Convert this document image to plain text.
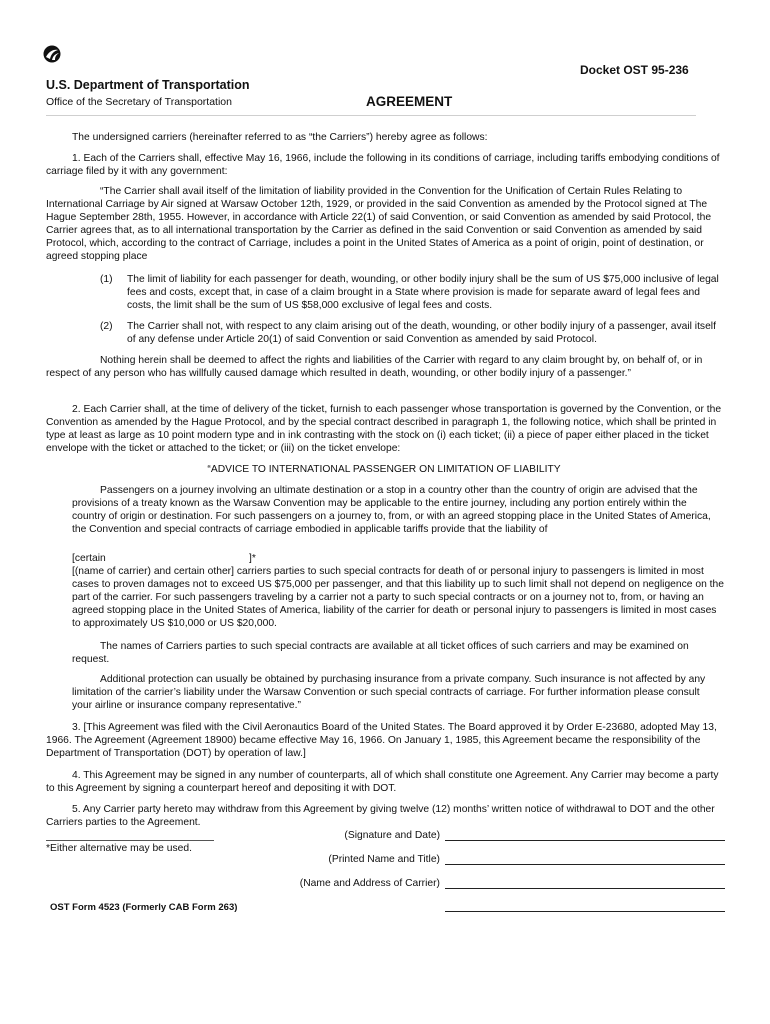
Docket OST 95-236
U.S. Department of Transportation
Office of the Secretary of Transportation	AGREEMENT

The undersigned carriers (hereinafter referred to as “the Carriers”) hereby agree as follows:

1. Each of the Carriers shall, effective May 16, 1966, include the following in its conditions of carriage, including tariffs embodying conditions of carriage filed by it with any government:

“The Carrier shall avail itself of the limitation of liability provided in the Convention for the Unification of Certain Rules Relating to International Carriage by Air signed at Warsaw October 12th, 1929, or provided in the said Convention as amended by the Protocol signed at The Hague September 28th, 1955. However, in accordance with Article 22(1) of said Convention, or said Convention as amended by said Protocol, the Carrier agrees that, as to all international transportation by the Carrier as defined in the said Convention or said Convention as amended by said Protocol, which, according to the contract of Carriage, includes a point in the United States of America as a point of origin, point of destination, or agreed stopping place

(1) The limit of liability for each passenger for death, wounding, or other bodily injury shall be the sum of US $75,000 inclusive of legal fees and costs, except that, in case of a claim brought in a State where provision is made for separate award of legal fees and costs, the limit shall be the sum of US $58,000 exclusive of legal fees and costs.

(2) The Carrier shall not, with respect to any claim arising out of the death, wounding, or other bodily injury of a passenger, avail itself of any defense under Article 20(1) of said Convention or said Convention as amended by said Protocol.

Nothing herein shall be deemed to affect the rights and liabilities of the Carrier with regard to any claim brought by, on behalf of, or in respect of any person who has willfully caused damage which resulted in death, wounding, or other bodily injury of a passenger.”

2. Each Carrier shall, at the time of delivery of the ticket, furnish to each passenger whose transportation is governed by the Convention, or the Convention as amended by the Hague Protocol, and by the special contract described in paragraph 1, the following notice, which shall be printed in type at least as large as 10 point modern type and in ink contrasting with the stock on (i) each ticket; (ii) a piece of paper either placed in the ticket envelope with the ticket or attached to the ticket; or (iii) on the ticket envelope:

“ADVICE TO INTERNATIONAL PASSENGER ON LIMITATION OF LIABILITY

Passengers on a journey involving an ultimate destination or a stop in a country other than the country of origin are advised that the provisions of a treaty known as the Warsaw Convention may be applicable to the entire journey, including any portion entirely within the country of origin or destination. For such passengers on a journey to, from, or with an agreed stopping place in the United States of America, the Convention and special contracts of carriage embodied in applicable tariffs provide that the liability of

[certain	]*

[(name of carrier) and certain other] carriers parties to such special contracts for death of or personal injury to passengers is limited in most cases to proven damages not to exceed US $75,000 per passenger, and that this liability up to such limit shall not depend on negligence on the part of the carrier. For such passengers traveling by a carrier not a party to such special contracts or on a journey not to, from, or having an agreed stopping place in the United States of America, liability of the carrier for death or personal injury to passengers is limited in most cases to approximately US $10,000 or US $20,000.

The names of Carriers parties to such special contracts are available at all ticket offices of such carriers and may be examined on request.

Additional protection can usually be obtained by purchasing insurance from a private company. Such insurance is not affected by any limitation of the carrier’s liability under the Warsaw Convention or such special contracts of carriage. For further information please consult your airline or insurance company representative.”

3. [This Agreement was filed with the Civil Aeronautics Board of the United States. The Board approved it by Order E-23680, adopted May 13, 1966. The Agreement (Agreement 18900) became effective May 16, 1966. On January 1, 1985, this Agreement became the responsibility of the Department of Transportation (DOT) by operation of law.]

4. This Agreement may be signed in any number of counterparts, all of which shall constitute one Agreement. Any Carrier may become a party to this Agreement by signing a counterpart hereof and depositing it with DOT.

5. Any Carrier party hereto may withdraw from this Agreement by giving twelve (12) months’ written notice of withdrawal to DOT and the other Carriers parties to the Agreement.

*Either alternative may be used.
(Signature and Date)
(Printed Name and Title)
(Name and Address of Carrier)
OST Form 4523 (Formerly CAB Form 263)
